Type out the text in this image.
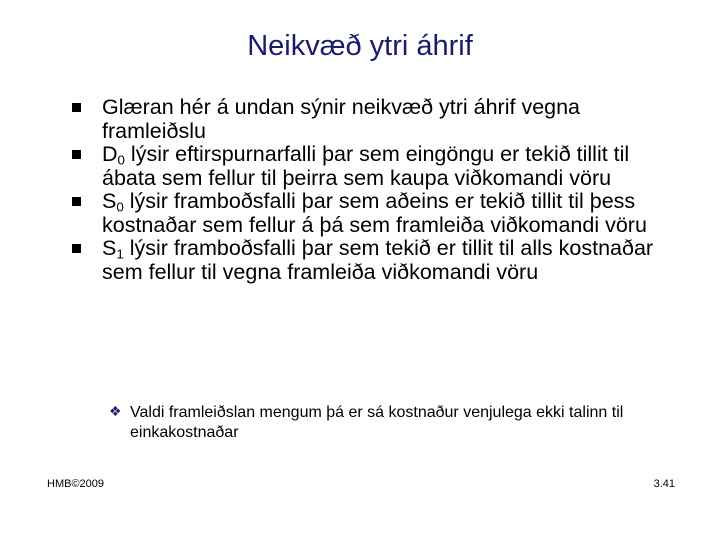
Neikvæð ytri áhrif
Glæran hér á undan sýnir neikvæð ytri áhrif vegna framleiðslu
$D_0$ lýsir eftirspurnarfalli þar sem eingöngu er tekið tillit til ábata sem fellur til þeirra sem kaupa viðkomandi vöru
$S_0$ lýsir framboðsfalli þar sem aðeins er tekið tillit til þess kostnaðar sem fellur á þá sem framleiða viðkomandi vöru
$S_1$ lýsir framboðsfalli þar sem tekið er tillit til alls kostnaðar sem fellur til vegna framleiða viðkomandi vöru
❖ Valdi framleiðslan mengum þá er sá kostnaður venjulega ekki talinn til einkakostnaðar
HMB©2009	3.41
